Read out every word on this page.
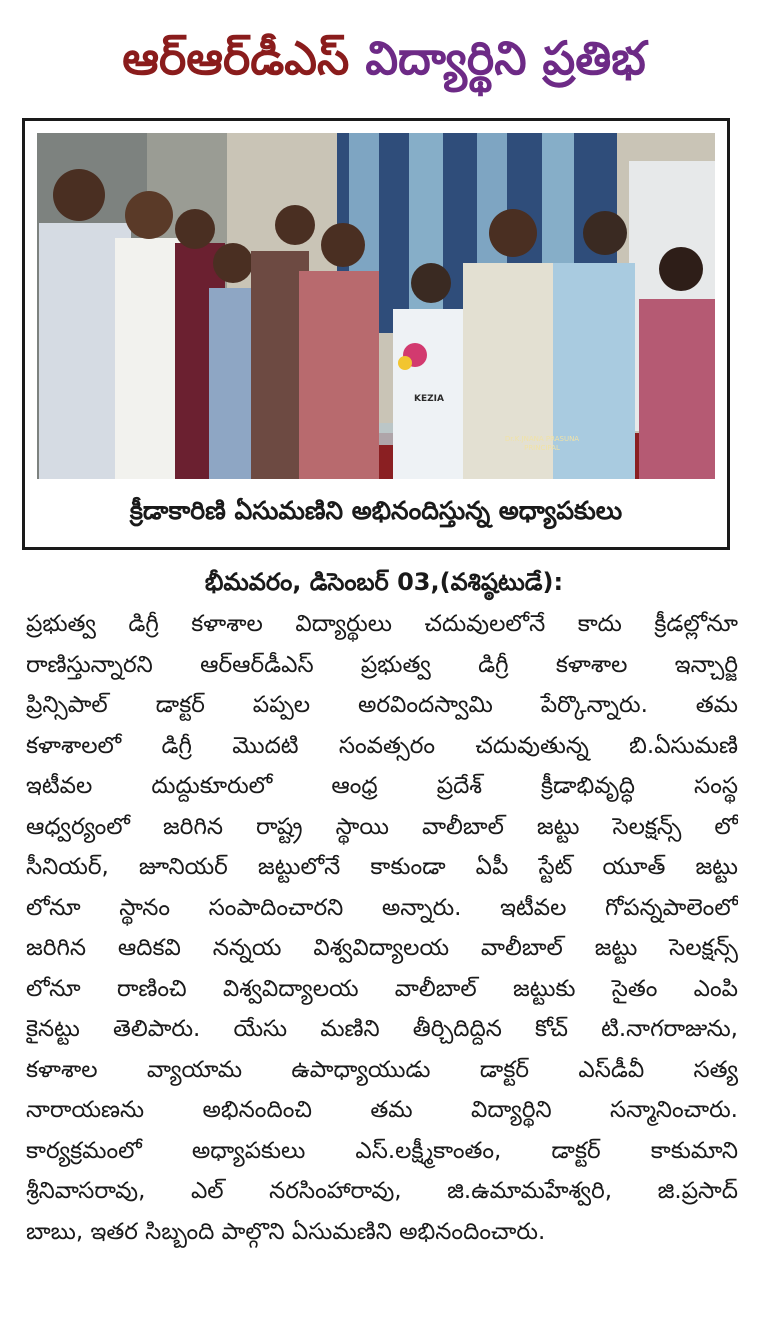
ఆర్‌ఆర్‌డీఎస్ విద్యార్థిని ప్రతిభ
Dr.K.JNANA PRASUNA
PRINCIPAL
KEZIA
క్రీడాకారిణి ఏసుమణిని అభినందిస్తున్న అధ్యాపకులు
భీమవరం, డిసెంబర్ 03,(వశిష్ఠటుడే):
ప్రభుత్వ డిగ్రీ కళాశాల విద్యార్థులు చదువులలోనే కాదు క్రీడల్లోనూ
రాణిస్తున్నారని ఆర్‌ఆర్‌డీఎస్ ప్రభుత్వ డిగ్రీ కళాశాల ఇన్చార్జి
ప్రిన్సిపాల్ డాక్టర్ పప్పల అరవిందస్వామి పేర్కొన్నారు. తమ
కళాశాలలో డిగ్రీ మొదటి సంవత్సరం చదువుతున్న బి.ఏసుమణి
ఇటీవల దుద్దుకూరులో ఆంధ్ర ప్రదేశ్ క్రీడాభివృద్ధి సంస్థ
ఆధ్వర్యంలో జరిగిన రాష్ట్ర స్థాయి వాలీబాల్ జట్టు సెలక్షన్స్ లో
సీనియర్, జూనియర్ జట్టులోనే కాకుండా ఏపీ స్టేట్ యూత్ జట్టు
లోనూ స్థానం సంపాదించారని అన్నారు. ఇటీవల గోపన్నపాలెంలో
జరిగిన ఆదికవి నన్నయ విశ్వవిద్యాలయ వాలీబాల్ జట్టు సెలక్షన్స్
లోనూ రాణించి విశ్వవిద్యాలయ వాలీబాల్ జట్టుకు సైతం ఎంపి
కైనట్టు తెలిపారు. యేసు మణిని తీర్చిదిద్దిన కోచ్ టి.నాగరాజును,
కళాశాల వ్యాయామ ఉపాధ్యాయుడు డాక్టర్ ఎస్‌డీవీ సత్య
నారాయణను అభినందించి తమ విద్యార్థిని సన్మానించారు.
కార్యక్రమంలో అధ్యాపకులు ఎస్.లక్ష్మీకాంతం, డాక్టర్ కాకుమాని
శ్రీనివాసరావు, ఎల్ నరసింహారావు, జి.ఉమామహేశ్వరి, జి.ప్రసాద్
బాబు, ఇతర సిబ్బంది పాల్గొని ఏసుమణిని అభినందించారు.
